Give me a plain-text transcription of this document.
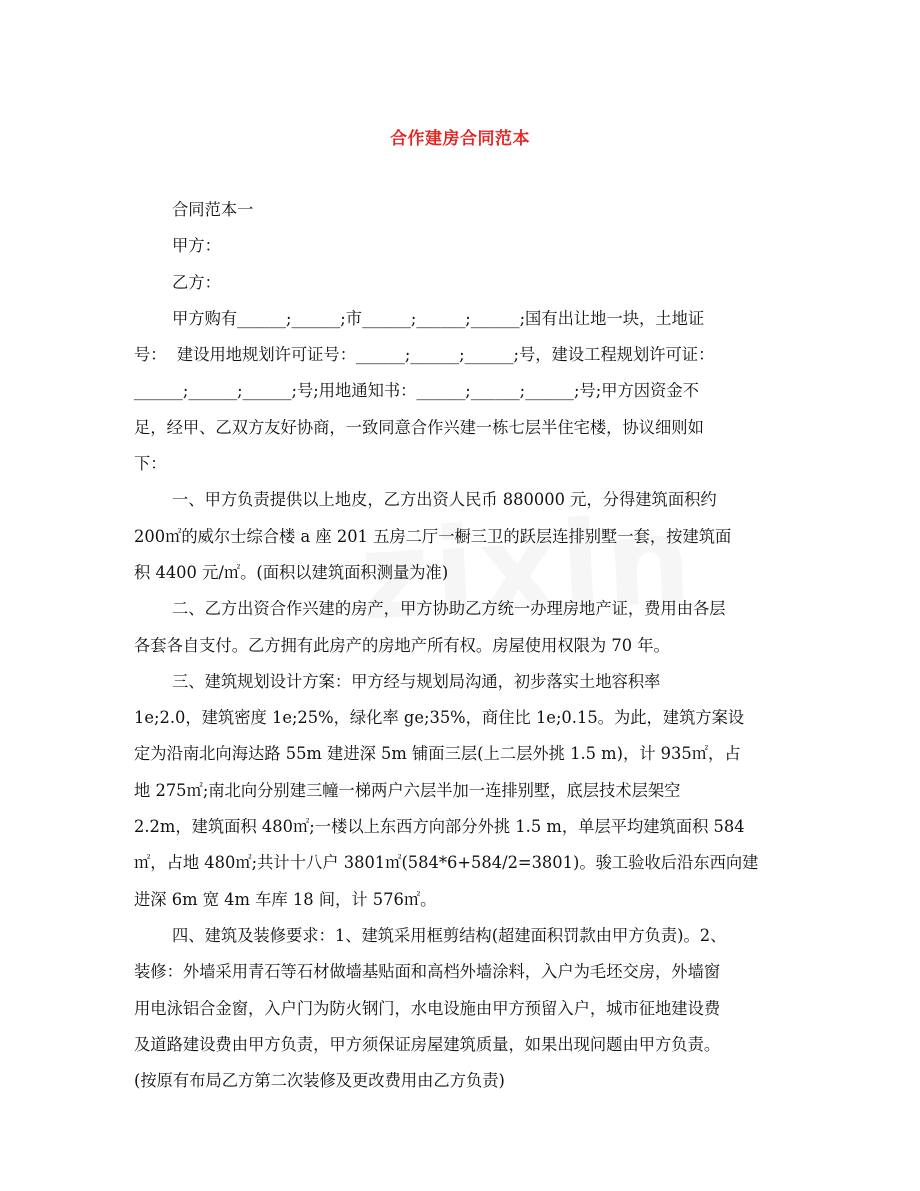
合作建房合同范本
合同范本一
甲方：
乙方：
甲方购有______;______;市______;______;______;国有出让地一块，土地证
号：  建设用地规划许可证号：______;______;______;号，建设工程规划许可证：
______;______;______;号;用地通知书：______;______;______;号;甲方因资金不
足，经甲、乙双方友好协商，一致同意合作兴建一栋七层半住宅楼，协议细则如
下：
一、甲方负责提供以上地皮，乙方出资人民币 880000 元，分得建筑面积约
200㎡的威尔士综合楼 a 座 201 五房二厅一橱三卫的跃层连排别墅一套，按建筑面
积 4400 元/㎡。(面积以建筑面积测量为准)
二、乙方出资合作兴建的房产，甲方协助乙方统一办理房地产证，费用由各层
各套各自支付。乙方拥有此房产的房地产所有权。房屋使用权限为 70 年。
三、建筑规划设计方案：甲方经与规划局沟通，初步落实土地容积率
1e;2.0，建筑密度 1e;25%，绿化率 ge;35%，商住比 1e;0.15。为此，建筑方案设
定为沿南北向海达路 55m 建进深 5m 铺面三层(上二层外挑 1.5 m)，计 935㎡，占
地 275㎡;南北向分别建三幢一梯两户六层半加一连排别墅，底层技术层架空
2.2m，建筑面积 480㎡;一楼以上东西方向部分外挑 1.5 m，单层平均建筑面积 584
㎡，占地 480㎡;共计十八户 3801㎡(584*6+584/2=3801)。骏工验收后沿东西向建
进深 6m 宽 4m 车库 18 间，计 576㎡。
四、建筑及装修要求：1、建筑采用框剪结构(超建面积罚款由甲方负责)。2、
装修：外墙采用青石等石材做墙基贴面和高档外墙涂料，入户为毛坯交房，外墙窗
用电泳铝合金窗，入户门为防火钢门，水电设施由甲方预留入户，城市征地建设费
及道路建设费由甲方负责，甲方须保证房屋建筑质量，如果出现问题由甲方负责。
(按原有布局乙方第二次装修及更改费用由乙方负责)
